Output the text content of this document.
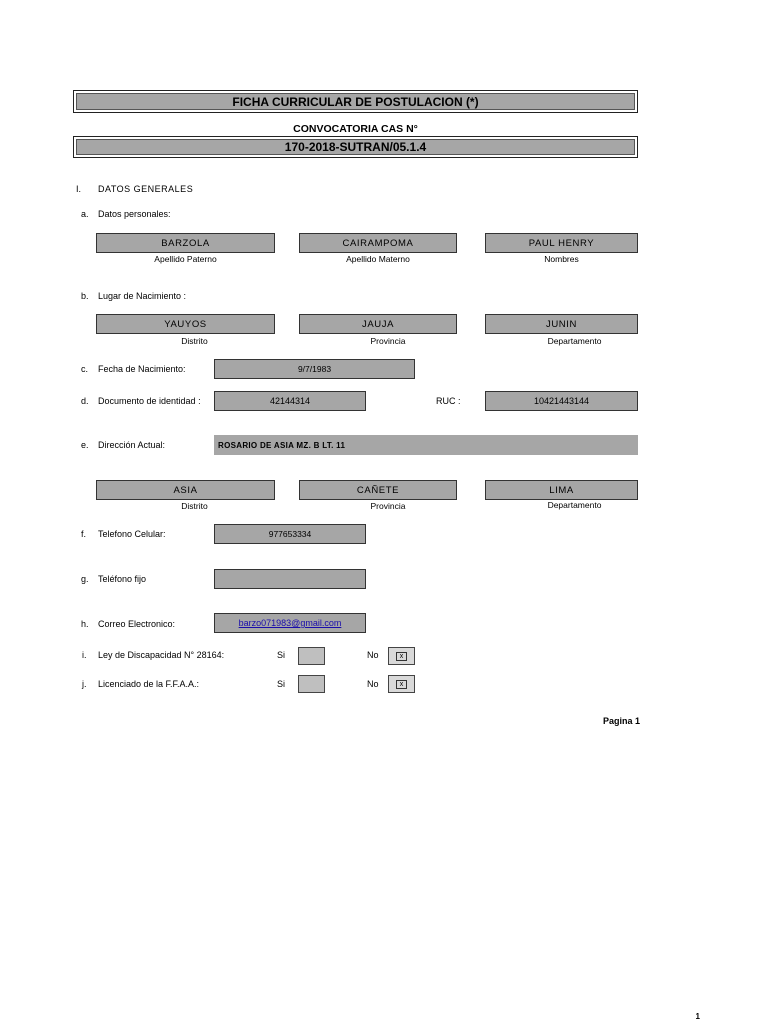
FICHA CURRICULAR DE POSTULACION (*)
CONVOCATORIA CAS N°
170-2018-SUTRAN/05.1.4
I. DATOS GENERALES
a. Datos personales:
BARZOLA	CAIRAMPOMA	PAUL HENRY
Apellido Paterno	Apellido Materno	Nombres
b. Lugar de Nacimiento :
YAUYOS	JAUJA	JUNIN
Distrito	Provincia	Departamento
c. Fecha de Nacimiento:	9/7/1983
d. Documento de identidad :	42144314	RUC :	10421443144
e. Dirección Actual:	ROSARIO DE ASIA MZ. B LT. 11
ASIA	CAÑETE	LIMA
Distrito	Provincia	Departamento
f. Telefono Celular:	977653334
g. Teléfono fijo
h. Correo Electronico:	barzo071983@gmail.com
i. Ley de Discapacidad N° 28164:	Si	No	x
j. Licenciado de la F.F.A.A.:	Si	No	x
Pagina 1
1
